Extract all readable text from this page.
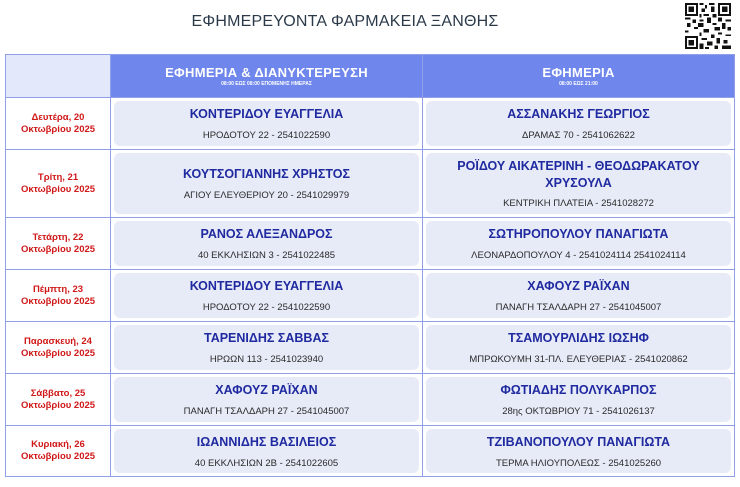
ΕΦΗΜΕΡΕΥΟΝΤΑ ΦΑΡΜΑΚΕΙΑ ΞΑΝΘΗΣ
ΕΦΗΜΕΡΙΑ & ΔΙΑΝΥΚΤΕΡΕΥΣΗ
08:00 ΕΩΣ 08:00 ΕΠΟΜΕΝΗΣ ΗΜΕΡΑΣ
ΕΦΗΜΕΡΙΑ
08:00 ΕΩΣ 21:00
Δευτέρα, 20
Οκτωβρίου 2025
ΚΟΝΤΕΡΙΔΟΥ ΕΥΑΓΓΕΛΙΑ
ΗΡΟΔΟΤΟΥ 22 - 2541022590
ΑΣΣΑΝΑΚΗΣ ΓΕΩΡΓΙΟΣ
ΔΡΑΜΑΣ 70 - 2541062622
Τρίτη, 21
Οκτωβρίου 2025
ΚΟΥΤΣΟΓΙΑΝΝΗΣ ΧΡΗΣΤΟΣ
ΑΓΙΟΥ ΕΛΕΥΘΕΡΙΟΥ 20 - 2541029979
ΡΟΪΔΟΥ ΑΙΚΑΤΕΡΙΝΗ - ΘΕΟΔΩΡΑΚΑΤΟΥ
ΧΡΥΣΟΥΛΑ
ΚΕΝΤΡΙΚΗ ΠΛΑΤΕΙΑ - 2541028272
Τετάρτη, 22
Οκτωβρίου 2025
ΡΑΝΟΣ ΑΛΕΞΑΝΔΡΟΣ
40 ΕΚΚΛΗΣΙΩΝ 3 - 2541022485
ΣΩΤΗΡΟΠΟΥΛΟΥ ΠΑΝΑΓΙΩΤΑ
ΛΕΟΝΑΡΔΟΠΟΥΛΟΥ 4 - 2541024114 2541024114
Πέμπτη, 23
Οκτωβρίου 2025
ΚΟΝΤΕΡΙΔΟΥ ΕΥΑΓΓΕΛΙΑ
ΗΡΟΔΟΤΟΥ 22 - 2541022590
ΧΑΦΟΥΖ ΡΑΪΧΑΝ
ΠΑΝΑΓΗ ΤΣΑΛΔΑΡΗ 27 - 2541045007
Παρασκευή, 24
Οκτωβρίου 2025
ΤΑΡΕΝΙΔΗΣ ΣΑΒΒΑΣ
ΗΡΩΩΝ 113 - 2541023940
ΤΣΑΜΟΥΡΛΙΔΗΣ ΙΩΣΗΦ
ΜΠΡΩΚΟΥΜΗ 31-ΠΛ. ΕΛΕΥΘΕΡΙΑΣ - 2541020862
Σάββατο, 25
Οκτωβρίου 2025
ΧΑΦΟΥΖ ΡΑΪΧΑΝ
ΠΑΝΑΓΗ ΤΣΑΛΔΑΡΗ 27 - 2541045007
ΦΩΤΙΑΔΗΣ ΠΟΛΥΚΑΡΠΟΣ
28ης ΟΚΤΩΒΡΙΟΥ 71 - 2541026137
Κυριακή, 26
Οκτωβρίου 2025
ΙΩΑΝΝΙΔΗΣ ΒΑΣΙΛΕΙΟΣ
40 ΕΚΚΛΗΣΙΩΝ 2Β - 2541022605
ΤΖΙΒΑΝΟΠΟΥΛΟΥ ΠΑΝΑΓΙΩΤΑ
ΤΕΡΜΑ ΗΛΙΟΥΠΟΛΕΩΣ - 2541025260
